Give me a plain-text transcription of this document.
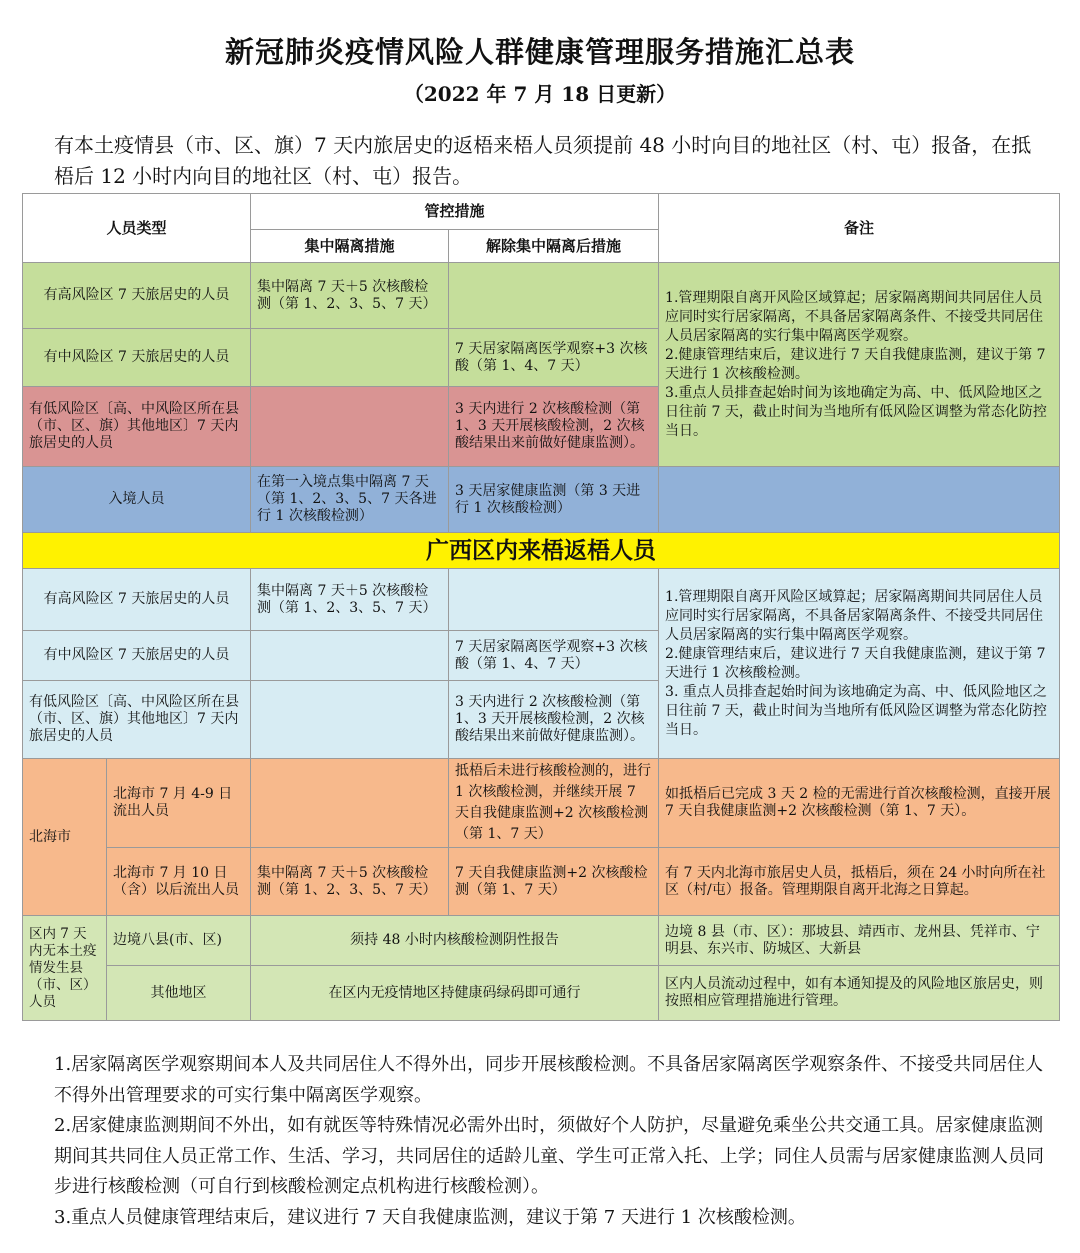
新冠肺炎疫情风险人群健康管理服务措施汇总表
（2022 年 7 月 18 日更新）
有本土疫情县（市、区、旗）7 天内旅居史的返梧来梧人员须提前 48 小时向目的地社区（村、屯）报备，在抵梧后 12 小时内向目的地社区（村、屯）报告。
人员类型		管控措施		备注
		集中隔离措施	解除集中隔离后措施	
有高风险区 7 天旅居史的人员		集中隔离 7 天＋5 次核酸检测（第 1、2、3、5、7 天）		1.管理期限自离开风险区域算起；居家隔离期间共同居住人员应同时实行居家隔离，不具备居家隔离条件、不接受共同居住人员居家隔离的实行集中隔离医学观察。
2.健康管理结束后，建议进行 7 天自我健康监测，建议于第 7 天进行 1 次核酸检测。
3.重点人员排查起始时间为该地确定为高、中、低风险地区之日往前 7 天，截止时间为当地所有低风险区调整为常态化防控当日。
有中风险区 7 天旅居史的人员			7 天居家隔离医学观察+3 次核酸（第 1、4、7 天）	
有低风险区〔高、中风险区所在县（市、区、旗）其他地区〕7 天内旅居史的人员			3 天内进行 2 次核酸检测（第 1、3 天开展核酸检测，2 次核酸结果出来前做好健康监测）。	
入境人员		在第一入境点集中隔离 7 天（第 1、2、3、5、7 天各进行 1 次核酸检测）	3 天居家健康监测（第 3 天进行 1 次核酸检测）	
广西区内来梧返梧人员				
有高风险区 7 天旅居史的人员		集中隔离 7 天＋5 次核酸检测（第 1、2、3、5、7 天）		1.管理期限自离开风险区域算起；居家隔离期间共同居住人员应同时实行居家隔离，不具备居家隔离条件、不接受共同居住人员居家隔离的实行集中隔离医学观察。
2.健康管理结束后，建议进行 7 天自我健康监测，建议于第 7 天进行 1 次核酸检测。
3. 重点人员排查起始时间为该地确定为高、中、低风险地区之日往前 7 天，截止时间为当地所有低风险区调整为常态化防控当日。
有中风险区 7 天旅居史的人员			7 天居家隔离医学观察+3 次核酸（第 1、4、7 天）	
有低风险区〔高、中风险区所在县（市、区、旗）其他地区〕7 天内旅居史的人员			3 天内进行 2 次核酸检测（第 1、3 天开展核酸检测，2 次核酸结果出来前做好健康监测）。	
北海市	北海市 7 月 4-9 日流出人员		抵梧后未进行核酸检测的，进行 1 次核酸检测，并继续开展 7 天自我健康监测+2 次核酸检测（第 1、7 天）	如抵梧后已完成 3 天 2 检的无需进行首次核酸检测，直接开展 7 天自我健康监测+2 次核酸检测（第 1、7 天）。
	北海市 7 月 10 日（含）以后流出人员	集中隔离 7 天＋5 次核酸检测（第 1、2、3、5、7 天）	7 天自我健康监测+2 次核酸检测（第 1、7 天）	有 7 天内北海市旅居史人员，抵梧后，须在 24 小时向所在社区（村/屯）报备。管理期限自离开北海之日算起。
区内 7 天内无本土疫情发生县（市、区）人员	边境八县(市、区)	须持 48 小时内核酸检测阴性报告		边境 8 县（市、区）：那坡县、靖西市、龙州县、凭祥市、宁明县、东兴市、防城区、大新县
	其他地区	在区内无疫情地区持健康码绿码即可通行		区内人员流动过程中，如有本通知提及的风险地区旅居史，则按照相应管理措施进行管理。

1.居家隔离医学观察期间本人及共同居住人不得外出，同步开展核酸检测。不具备居家隔离医学观察条件、不接受共同居住人不得外出管理要求的可实行集中隔离医学观察。

2.居家健康监测期间不外出，如有就医等特殊情况必需外出时，须做好个人防护，尽量避免乘坐公共交通工具。居家健康监测期间其共同住人员正常工作、生活、学习，共同居住的适龄儿童、学生可正常入托、上学；同住人员需与居家健康监测人员同步进行核酸检测（可自行到核酸检测定点机构进行核酸检测）。

3.重点人员健康管理结束后，建议进行 7 天自我健康监测，建议于第 7 天进行 1 次核酸检测。
